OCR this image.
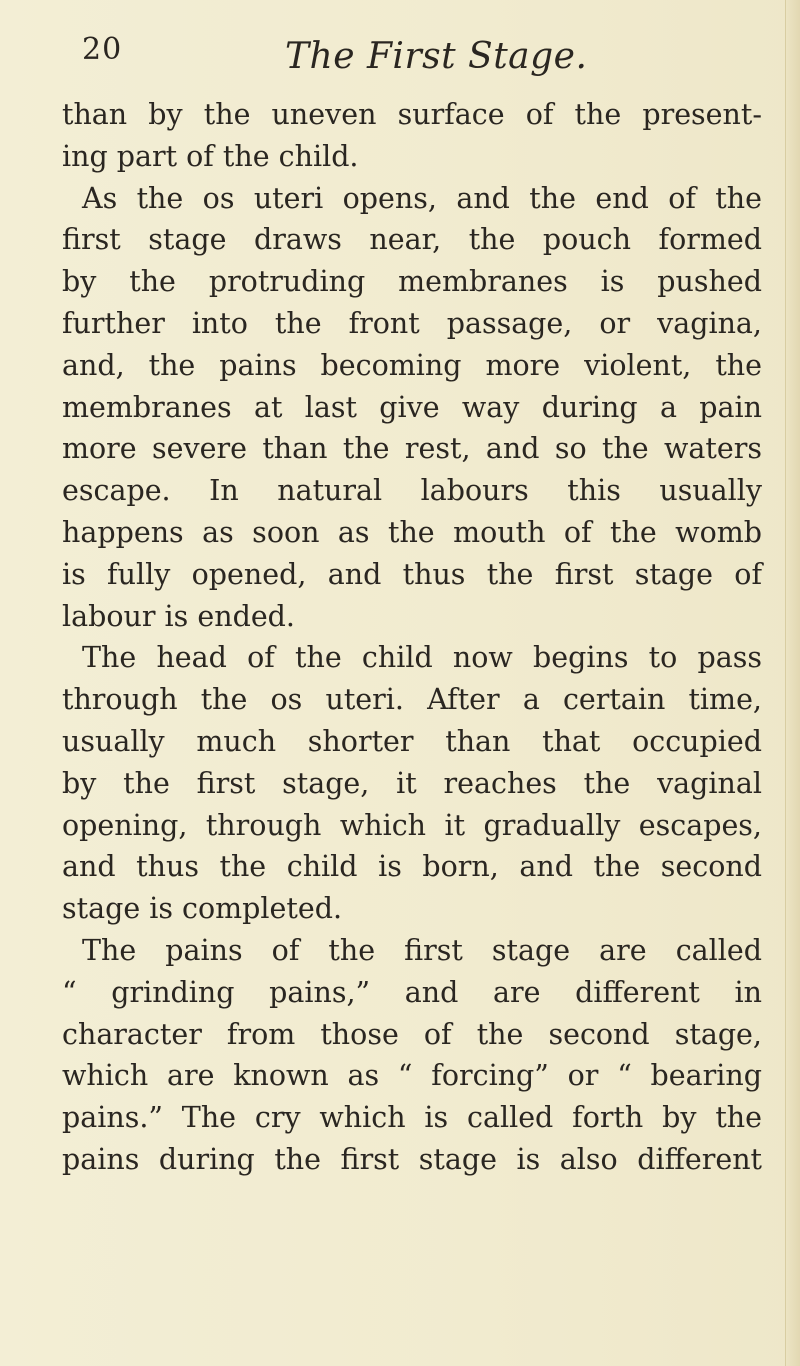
20	The First Stage.
than by the uneven surface of the present-
ing part of the child.
As the os uteri opens, and the end of the
first stage draws near, the pouch formed
by the protruding membranes is pushed
further into the front passage, or vagina,
and, the pains becoming more violent, the
membranes at last give way during a pain
more severe than the rest, and so the waters
escape. In natural labours this usually
happens as soon as the mouth of the womb
is fully opened, and thus the first stage of
labour is ended.
The head of the child now begins to pass
through the os uteri. After a certain time,
usually much shorter than that occupied
by the first stage, it reaches the vaginal
opening, through which it gradually escapes,
and thus the child is born, and the second
stage is completed.
The pains of the first stage are called
“ grinding pains,” and are different in
character from those of the second stage,
which are known as “ forcing” or “ bearing
pains.” The cry which is called forth by the
pains during the first stage is also different
